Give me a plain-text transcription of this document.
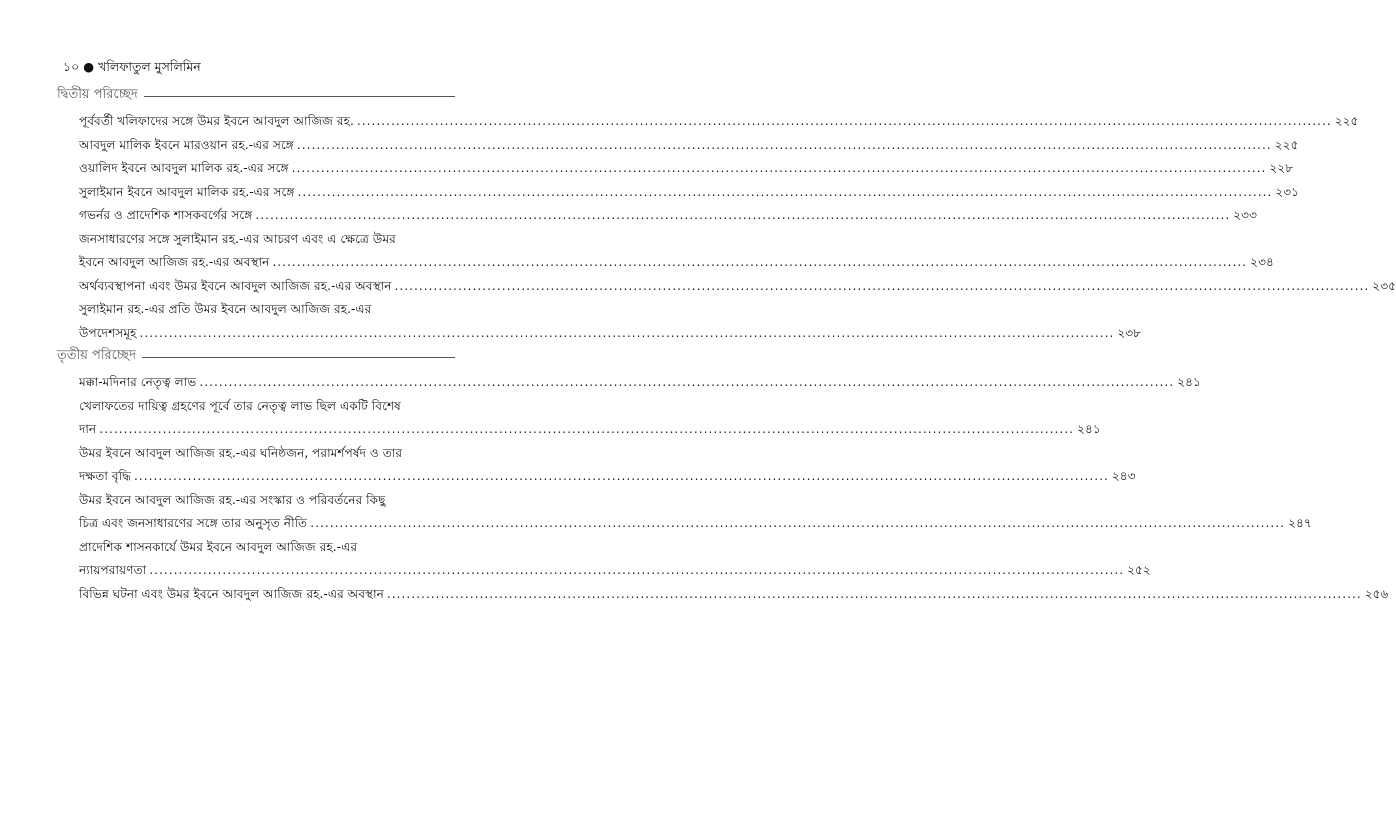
১০ ● খলিফাতুল মুসলিমিন
দ্বিতীয় পরিচ্ছেদ
পূর্ববর্তী খলিফাদের সঙ্গে উমর ইবনে আবদুল আজিজ রহ. ........................................................................................................................................................................................................ ২২৫
আবদুল মালিক ইবনে মারওয়ান রহ.-এর সঙ্গে ........................................................................................................................................................................................................ ২২৫
ওয়ালিদ ইবনে আবদুল মালিক রহ.-এর সঙ্গে ........................................................................................................................................................................................................ ২২৮
সুলাইমান ইবনে আবদুল মালিক রহ.-এর সঙ্গে ........................................................................................................................................................................................................ ২৩১
গভর্নর ও প্রাদেশিক শাসকবর্গের সঙ্গে ........................................................................................................................................................................................................ ২৩৩
জনসাধারণের সঙ্গে সুলাইমান রহ.-এর আচরণ এবং এ ক্ষেত্রে উমর
ইবনে আবদুল আজিজ রহ.-এর অবস্থান ........................................................................................................................................................................................................ ২৩৪
অর্থব্যবস্থাপনা এবং উমর ইবনে আবদুল আজিজ রহ.-এর অবস্থান ........................................................................................................................................................................................................ ২৩৫
সুলাইমান রহ.-এর প্রতি উমর ইবনে আবদুল আজিজ রহ.-এর
উপদেশসমূহ ........................................................................................................................................................................................................ ২৩৮
তৃতীয় পরিচ্ছেদ
মক্কা-মদিনার নেতৃত্ব লাভ ........................................................................................................................................................................................................ ২৪১
খেলাফতের দায়িত্ব গ্রহণের পূর্বে তার নেতৃত্ব লাভ ছিল একটি বিশেষ
দান ........................................................................................................................................................................................................ ২৪১
উমর ইবনে আবদুল আজিজ রহ.-এর ঘনিষ্ঠজন, পরামর্শপর্ষদ ও তার
দক্ষতা বৃদ্ধি ........................................................................................................................................................................................................ ২৪৩
উমর ইবনে আবদুল আজিজ রহ.-এর সংস্কার ও পরিবর্তনের কিছু
চিত্র এবং জনসাধারণের সঙ্গে তার অনুসৃত নীতি ........................................................................................................................................................................................................ ২৪৭
প্রাদেশিক শাসনকার্যে উমর ইবনে আবদুল আজিজ রহ.-এর
ন্যায়পরায়ণতা ........................................................................................................................................................................................................ ২৫২
বিভিন্ন ঘটনা এবং উমর ইবনে আবদুল আজিজ রহ.-এর অবস্থান ........................................................................................................................................................................................................ ২৫৬
